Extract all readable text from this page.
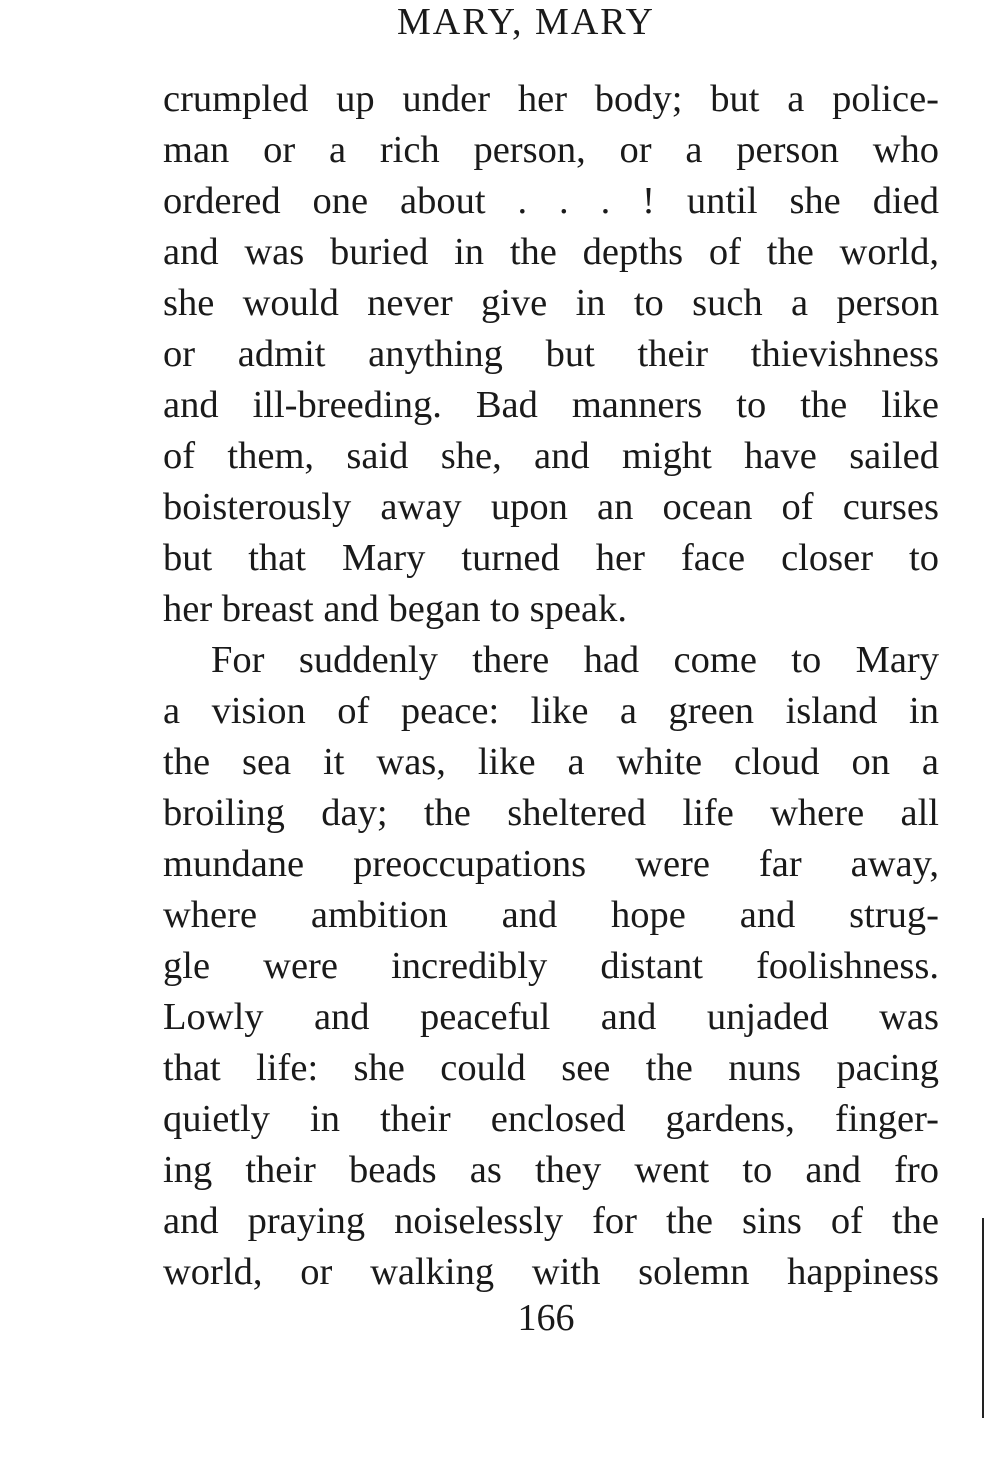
MARY, MARY
crumpled up under her body; but a police-
man or a rich person, or a person who
ordered one about . . . ! until she died
and was buried in the depths of the world,
she would never give in to such a person
or admit anything but their thievishness
and ill-breeding. Bad manners to the like
of them, said she, and might have sailed
boisterously away upon an ocean of curses
but that Mary turned her face closer to
her breast and began to speak.
For suddenly there had come to Mary
a vision of peace: like a green island in
the sea it was, like a white cloud on a
broiling day; the sheltered life where all
mundane preoccupations were far away,
where ambition and hope and strug-
gle were incredibly distant foolishness.
Lowly and peaceful and unjaded was
that life: she could see the nuns pacing
quietly in their enclosed gardens, finger-
ing their beads as they went to and fro
and praying noiselessly for the sins of the
world, or walking with solemn happiness
166
